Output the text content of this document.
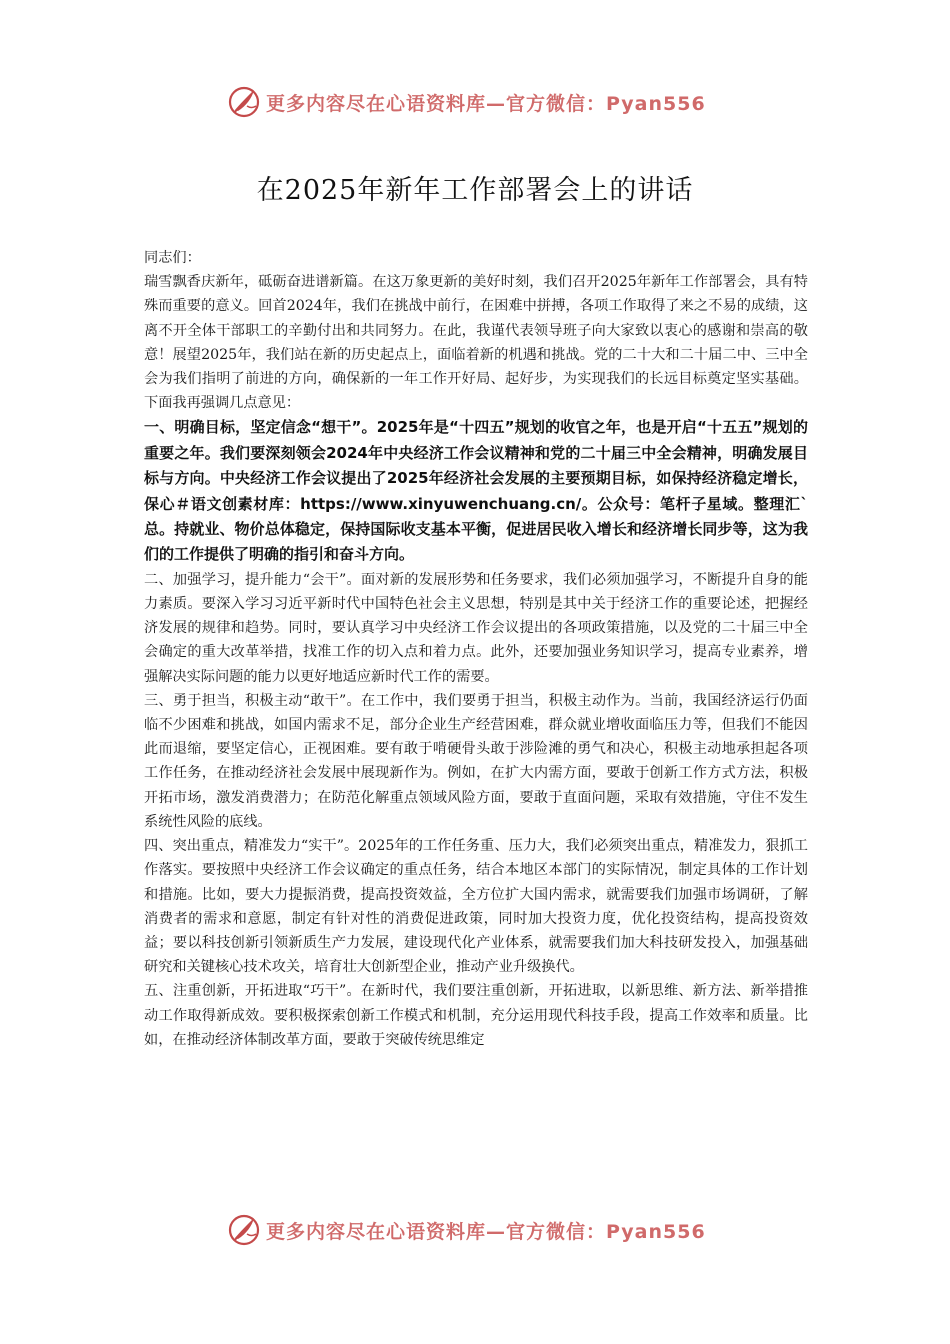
更多内容尽在心语资料库—官方微信：Pyan556
在2025年新年工作部署会上的讲话

同志们：

瑞雪飘香庆新年，砥砺奋进谱新篇。在这万象更新的美好时刻，我们召开2025年新年工作部署会，具有特殊而重要的意义。回首2024年，我们在挑战中前行，在困难中拼搏，各项工作取得了来之不易的成绩，这离不开全体干部职工的辛勤付出和共同努力。在此，我谨代表领导班子向大家致以衷心的感谢和崇高的敬意！展望2025年，我们站在新的历史起点上，面临着新的机遇和挑战。党的二十大和二十届二中、三中全会为我们指明了前进的方向，确保新的一年工作开好局、起好步，为实现我们的长远目标奠定坚实基础。下面我再强调几点意见：

一、明确目标，坚定信念“想干”。2025年是“十四五”规划的收官之年，也是开启“十五五”规划的重要之年。我们要深刻领会2024年中央经济工作会议精神和党的二十届三中全会精神，明确发展目标与方向。中央经济工作会议提出了2025年经济社会发展的主要预期目标，如保持经济稳定增长，保心＃语文创素材库：https://www.xinyuwenchuang.cn/。公众号：笔杆子星域。整理汇`总。持就业、物价总体稳定，保持国际收支基本平衡，促进居民收入增长和经济增长同步等，这为我们的工作提供了明确的指引和奋斗方向。

二、加强学习，提升能力“会干”。面对新的发展形势和任务要求，我们必须加强学习，不断提升自身的能力素质。要深入学习习近平新时代中国特色社会主义思想，特别是其中关于经济工作的重要论述，把握经济发展的规律和趋势。同时，要认真学习中央经济工作会议提出的各项政策措施，以及党的二十届三中全会确定的重大改革举措，找准工作的切入点和着力点。此外，还要加强业务知识学习，提高专业素养，增强解决实际问题的能力以更好地适应新时代工作的需要。

三、勇于担当，积极主动“敢干”。在工作中，我们要勇于担当，积极主动作为。当前，我国经济运行仍面临不少困难和挑战，如国内需求不足，部分企业生产经营困难，群众就业增收面临压力等，但我们不能因此而退缩，要坚定信心，正视困难。要有敢于啃硬骨头敢于涉险滩的勇气和决心，积极主动地承担起各项工作任务，在推动经济社会发展中展现新作为。例如，在扩大内需方面，要敢于创新工作方式方法，积极开拓市场，激发消费潜力；在防范化解重点领域风险方面，要敢于直面问题，采取有效措施，守住不发生系统性风险的底线。

四、突出重点，精准发力“实干”。2025年的工作任务重、压力大，我们必须突出重点，精准发力，狠抓工作落实。要按照中央经济工作会议确定的重点任务，结合本地区本部门的实际情况，制定具体的工作计划和措施。比如，要大力提振消费，提高投资效益，全方位扩大国内需求，就需要我们加强市场调研，了解消费者的需求和意愿，制定有针对性的消费促进政策，同时加大投资力度，优化投资结构，提高投资效益；要以科技创新引领新质生产力发展，建设现代化产业体系，就需要我们加大科技研发投入，加强基础研究和关键核心技术攻关，培育壮大创新型企业，推动产业升级换代。

五、注重创新，开拓进取“巧干”。在新时代，我们要注重创新，开拓进取，以新思维、新方法、新举措推动工作取得新成效。要积极探索创新工作模式和机制，充分运用现代科技手段，提高工作效率和质量。比如，在推动经济体制改革方面，要敢于突破传统思维定

更多内容尽在心语资料库—官方微信：Pyan556
